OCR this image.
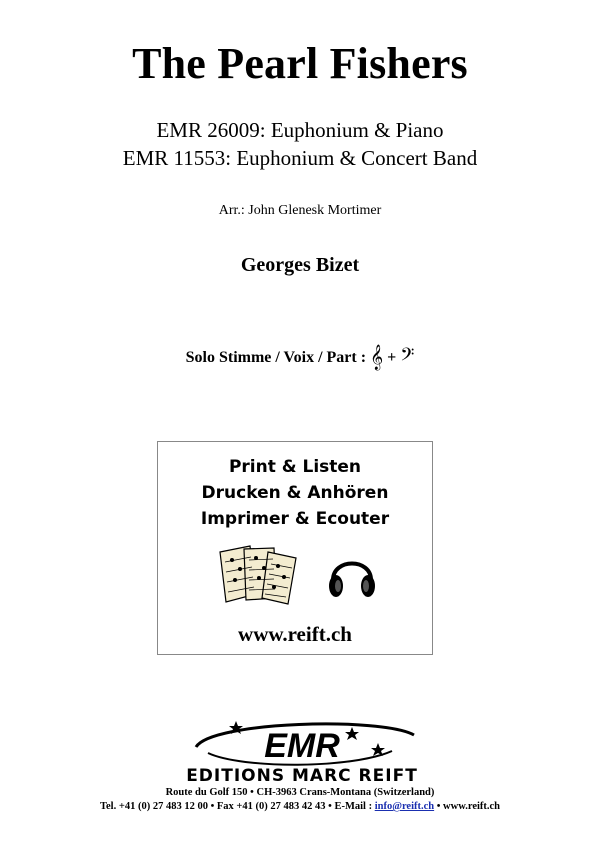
The Pearl Fishers
EMR 26009: Euphonium & Piano
EMR 11553: Euphonium & Concert Band
Arr.: John Glenesk Mortimer
Georges Bizet
Solo Stimme / Voix / Part : 𝄞 + 𝄢
Print & Listen
Drucken & Anhören
Imprimer & Ecouter
www.reift.ch
EMR
EDITIONS MARC REIFT
Route du Golf 150 • CH-3963 Crans-Montana (Switzerland)
Tel. +41 (0) 27 483 12 00 • Fax +41 (0) 27 483 42 43 • E-Mail : info@reift.ch • www.reift.ch
